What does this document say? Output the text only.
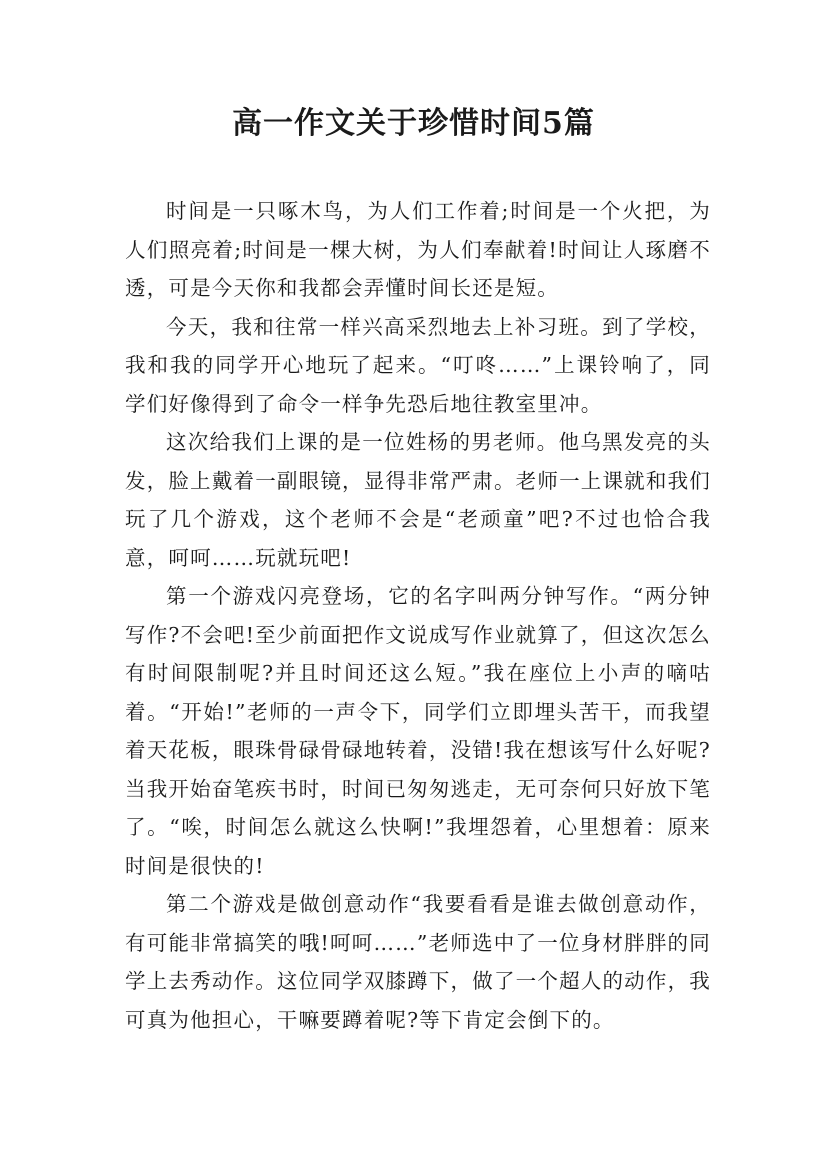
高一作文关于珍惜时间5篇

时间是一只啄木鸟，为人们工作着;时间是一个火把，为人们照亮着;时间是一棵大树，为人们奉献着!时间让人琢磨不透，可是今天你和我都会弄懂时间长还是短。

今天，我和往常一样兴高采烈地去上补习班。到了学校，我和我的同学开心地玩了起来。“叮咚……”上课铃响了，同学们好像得到了命令一样争先恐后地往教室里冲。

这次给我们上课的是一位姓杨的男老师。他乌黑发亮的头发，脸上戴着一副眼镜，显得非常严肃。老师一上课就和我们玩了几个游戏，这个老师不会是“老顽童”吧?不过也恰合我意，呵呵……玩就玩吧!

第一个游戏闪亮登场，它的名字叫两分钟写作。“两分钟写作?不会吧!至少前面把作文说成写作业就算了，但这次怎么有时间限制呢?并且时间还这么短。”我在座位上小声的嘀咕着。“开始!”老师的一声令下，同学们立即埋头苦干，而我望着天花板，眼珠骨碌骨碌地转着，没错!我在想该写什么好呢?当我开始奋笔疾书时，时间已匆匆逃走，无可奈何只好放下笔了。“唉，时间怎么就这么快啊!”我埋怨着，心里想着：原来时间是很快的!

第二个游戏是做创意动作“我要看看是谁去做创意动作，有可能非常搞笑的哦!呵呵……”老师选中了一位身材胖胖的同学上去秀动作。这位同学双膝蹲下，做了一个超人的动作，我可真为他担心，干嘛要蹲着呢?等下肯定会倒下的。
